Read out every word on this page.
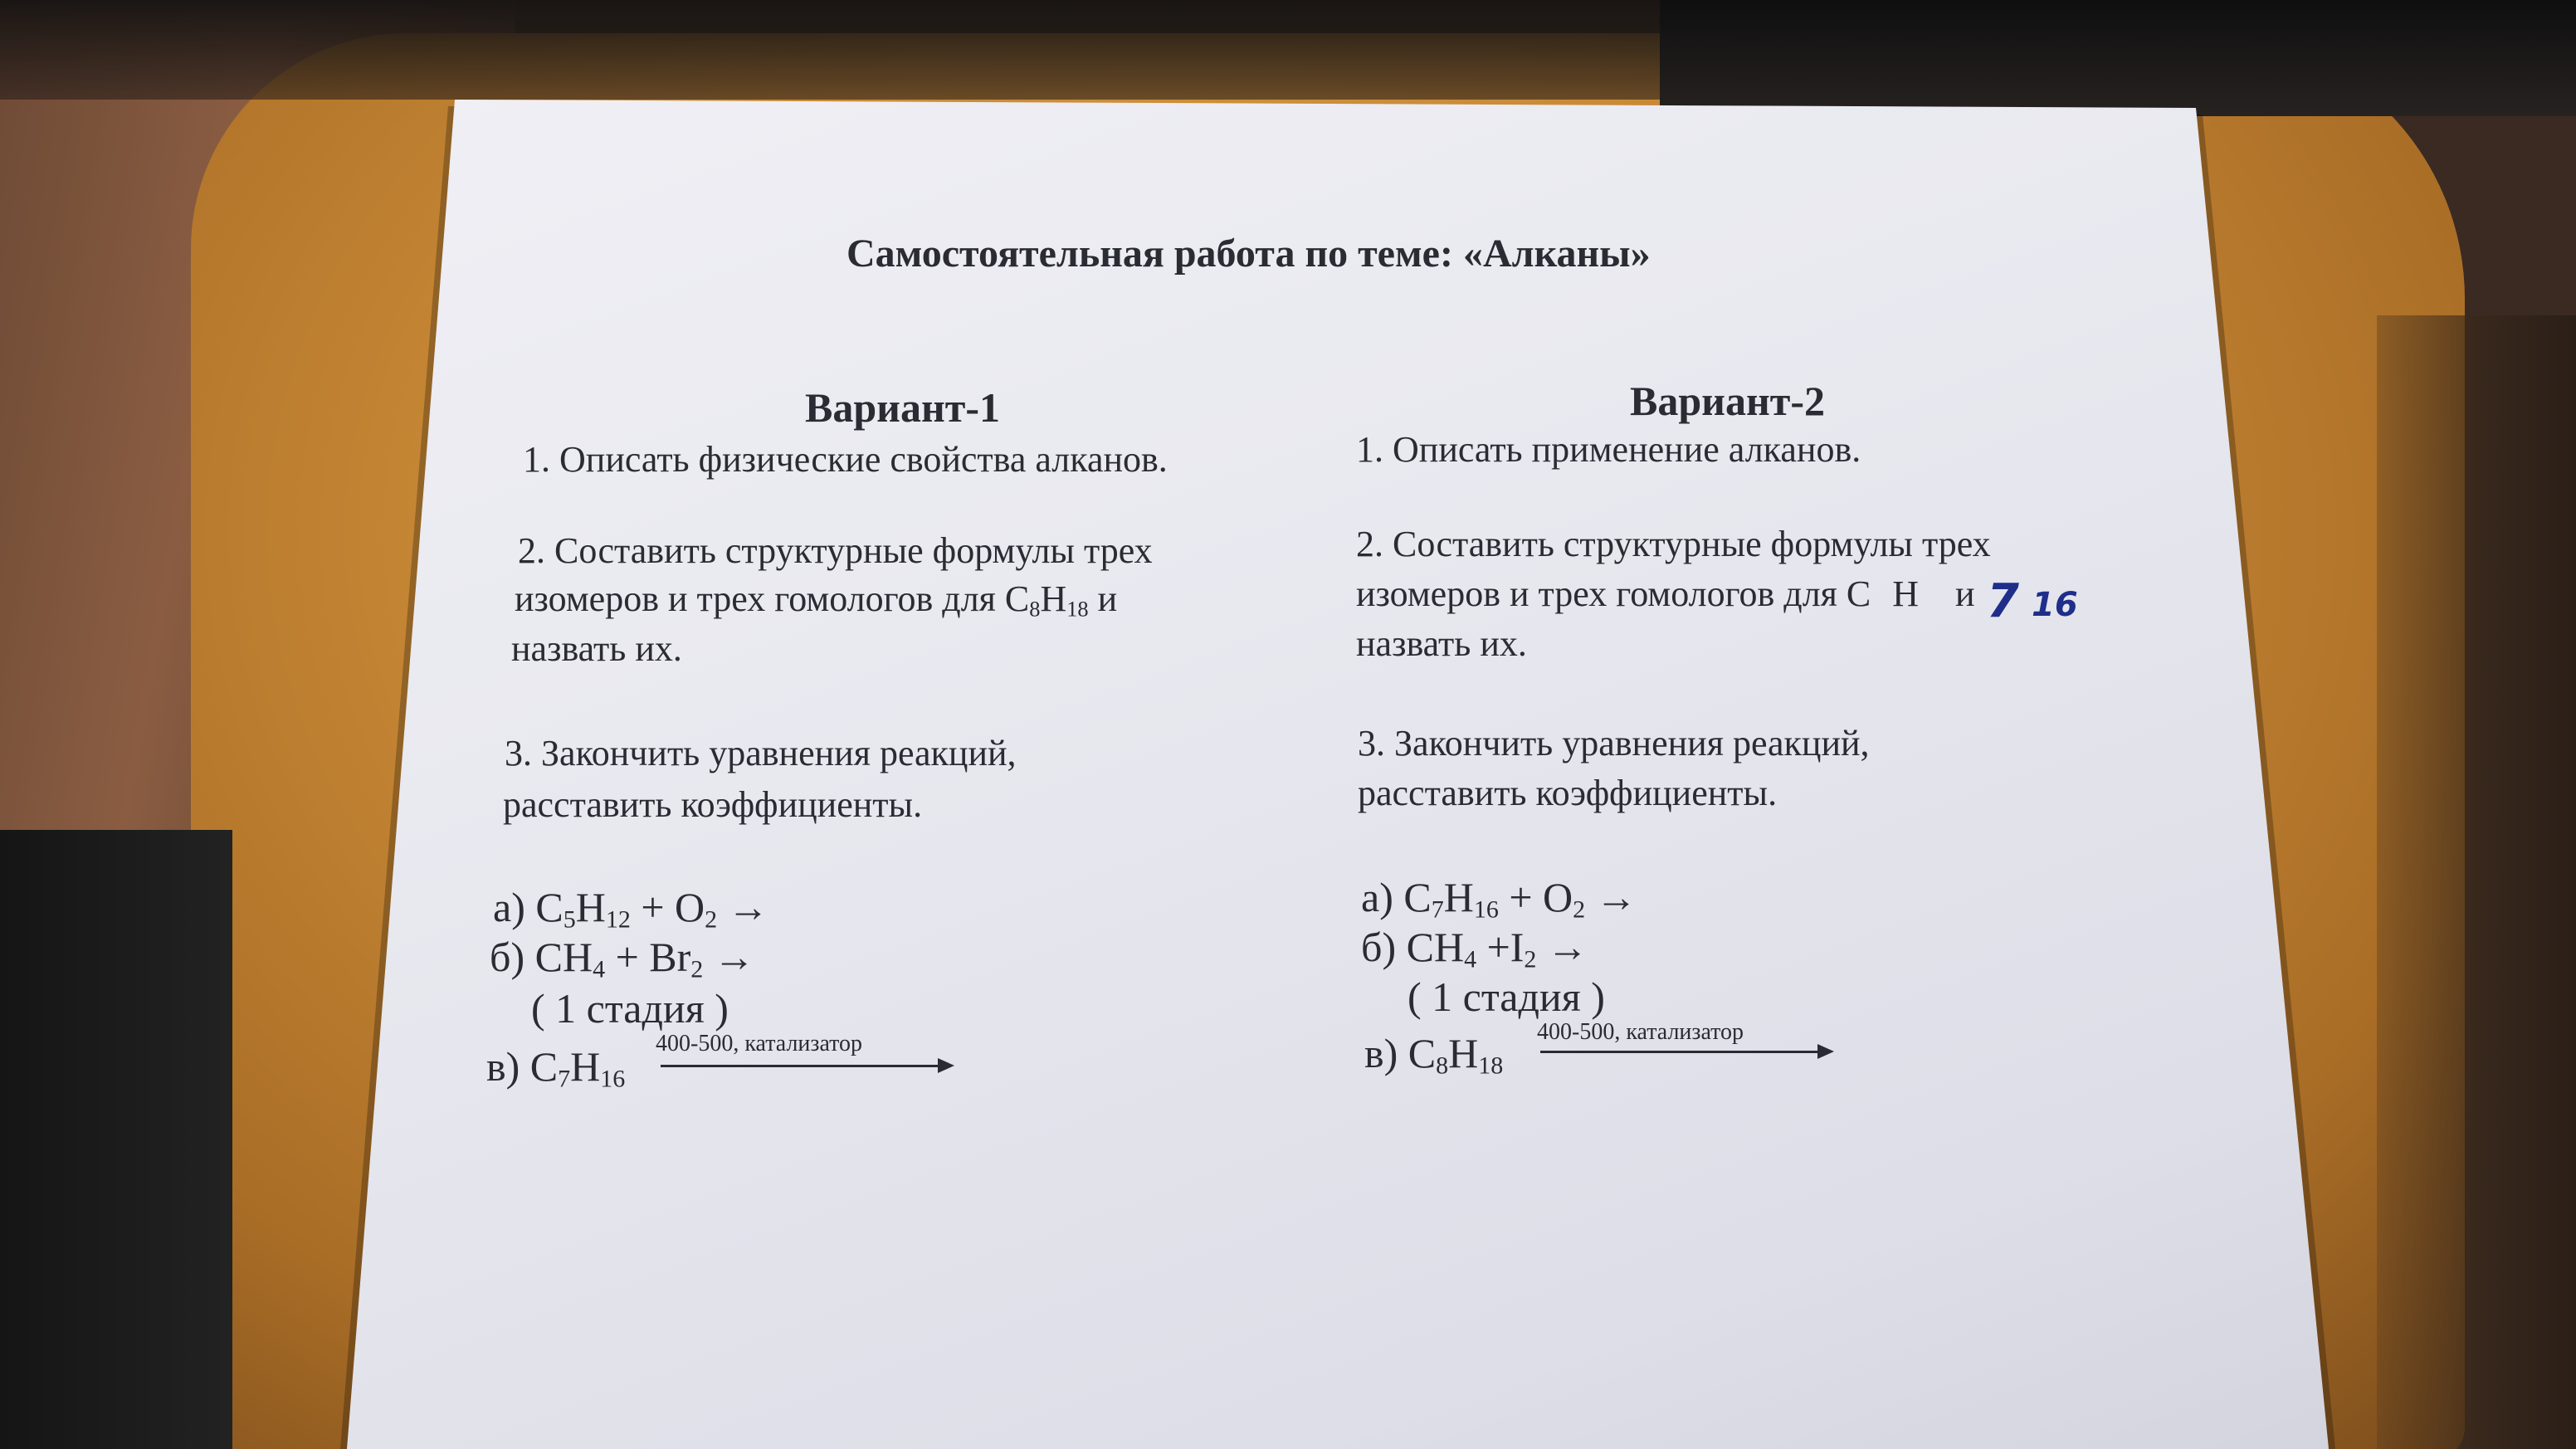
Самостоятельная работа по теме: «Алканы»
Вариант-1
1. Описать физические свойства алканов.
2. Составить структурные формулы трех
изомеров и трех гомологов для $C_8H_{18}$ и
назвать их.
3. Закончить уравнения реакций,
расставить коэффициенты.
а) $C_5H_{12} + O_2$ →
б) $CH_4 + Br_2$ →
( 1 стадия )
в) $C_7H_{16}$
400-500, катализатор
Вариант-2
1. Описать применение алканов.
2. Составить структурные формулы трех
изомеров и трех гомологов для C H и 7 16
назвать их.
3. Закончить уравнения реакций,
расставить коэффициенты.
а) $C_7H_{16} + O_2$ →
б) $CH_4 +I_2$ →
( 1 стадия )
в) $C_8H_{18}$
400-500, катализатор
